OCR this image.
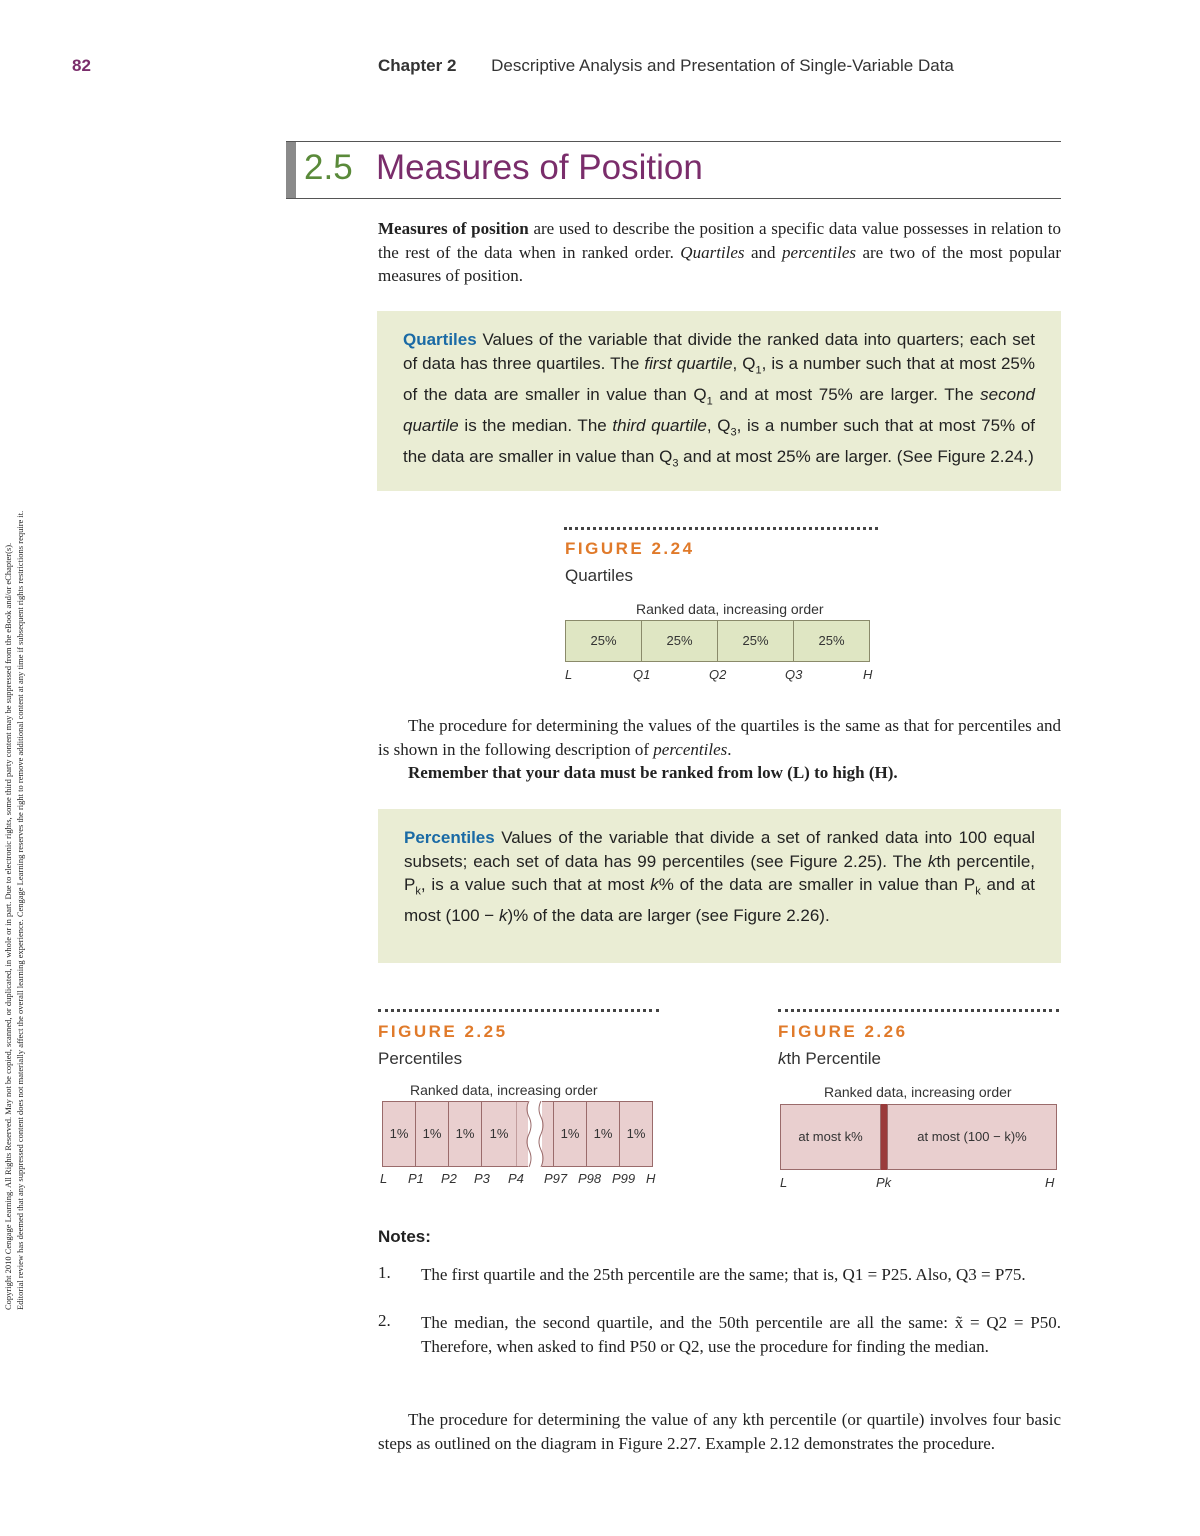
82	Chapter 2 Descriptive Analysis and Presentation of Single-Variable Data
Copyright 2010 Cengage Learning. All Rights Reserved. May not be copied, scanned, or duplicated, in whole or in part. Due to electronic rights, some third party content may be suppressed from the eBook and/or eChapter(s). Editorial review has deemed that any suppressed content does not materially affect the overall learning experience. Cengage Learning reserves the right to remove additional content at any time if subsequent rights restrictions require it.
2.5 Measures of Position
Measures of position are used to describe the position a specific data value possesses in relation to the rest of the data when in ranked order. Quartiles and percentiles are two of the most popular measures of position.
Quartiles Values of the variable that divide the ranked data into quarters; each set of data has three quartiles. The first quartile, $Q_1$, is a number such that at most 25% of the data are smaller in value than $Q_1$ and at most 75% are larger. The second quartile is the median. The third quartile, $Q_3$, is a number such that at most 75% of the data are smaller in value than $Q_3$ and at most 25% are larger. (See Figure 2.24.)
FIGURE 2.24
Quartiles
Ranked data, increasing order
25%	25%	25%	25%
L	Q1	Q2	Q3	H
The procedure for determining the values of the quartiles is the same as that for percentiles and is shown in the following description of percentiles.
Remember that your data must be ranked from low (L) to high (H).
Percentiles Values of the variable that divide a set of ranked data into 100 equal subsets; each set of data has 99 percentiles (see Figure 2.25). The kth percentile, $P_k$, is a value such that at most k% of the data are smaller in value than $P_k$ and at most (100 − k)% of the data are larger (see Figure 2.26).
FIGURE 2.25
Percentiles
Ranked data, increasing order
1%	1%	1%	1%	1%	1%	1%
L P1 P2 P3 P4 P97 P98 P99 H
FIGURE 2.26
kth Percentile
Ranked data, increasing order
at most k%	at most (100 − k)%
L	Pk	H
Notes:
1. The first quartile and the 25th percentile are the same; that is, Q1 = P25. Also, Q3 = P75.
2. The median, the second quartile, and the 50th percentile are all the same: x̃ = Q2 = P50. Therefore, when asked to find P50 or Q2, use the procedure for finding the median.
The procedure for determining the value of any kth percentile (or quartile) involves four basic steps as outlined on the diagram in Figure 2.27. Example 2.12 demonstrates the procedure.
